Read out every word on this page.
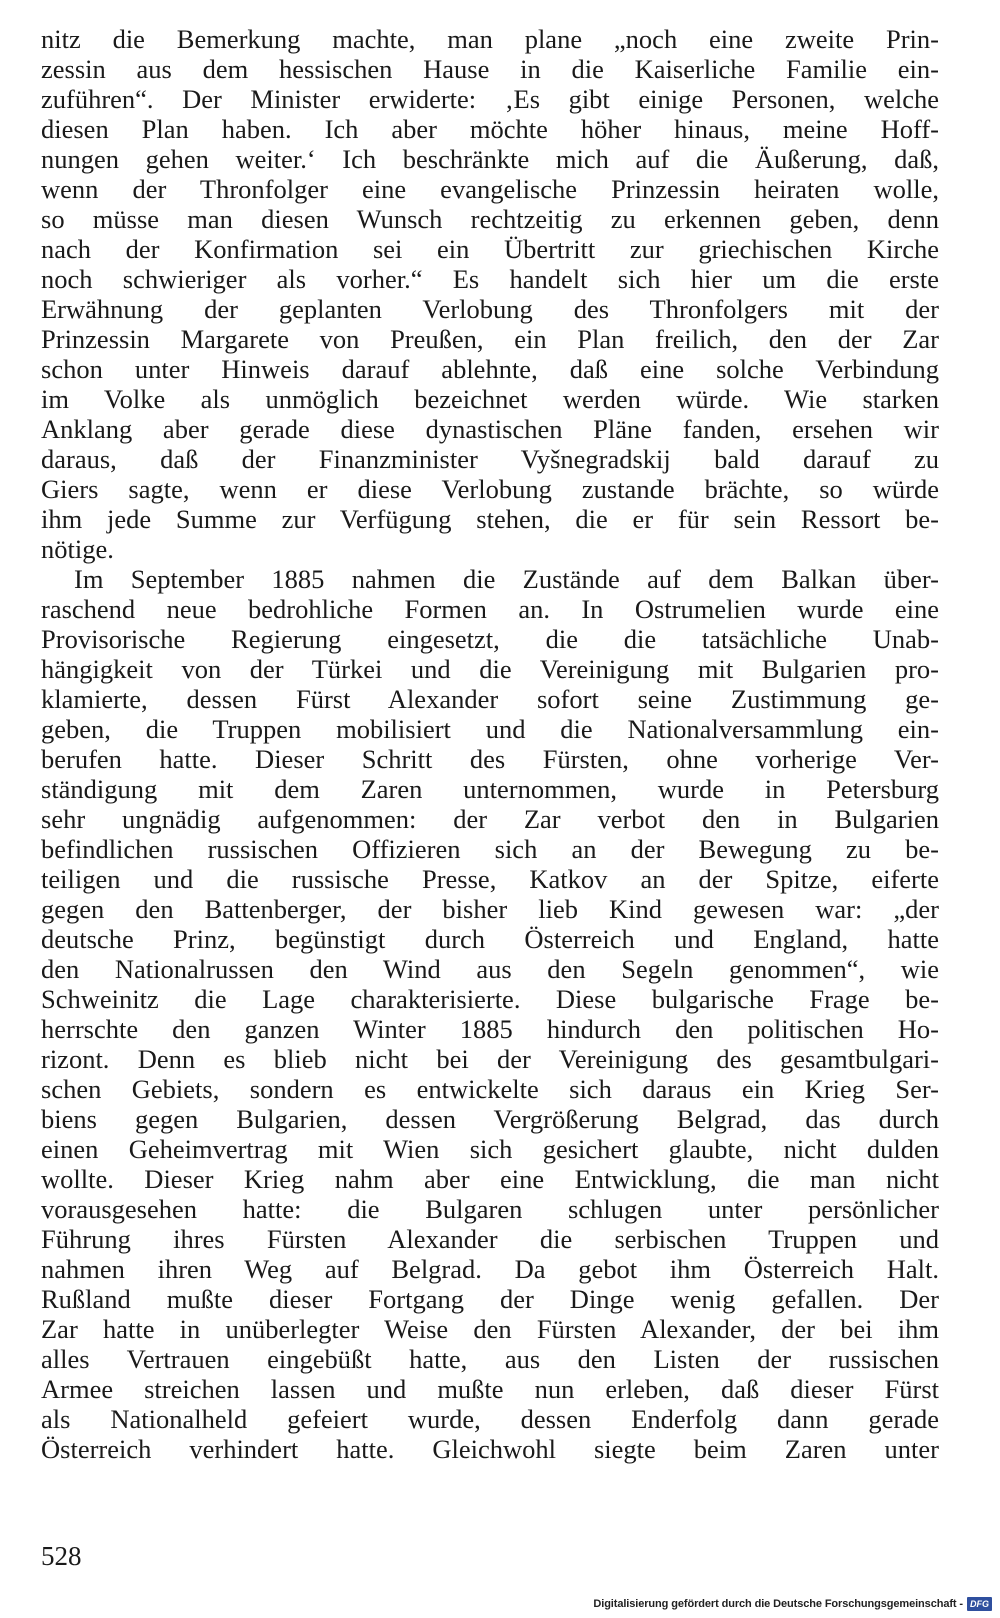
nitz die Bemerkung machte, man plane „noch eine zweite Prin-
zessin aus dem hessischen Hause in die Kaiserliche Familie ein-
zuführen“. Der Minister erwiderte: ‚Es gibt einige Personen, welche
diesen Plan haben. Ich aber möchte höher hinaus, meine Hoff-
nungen gehen weiter.‘ Ich beschränkte mich auf die Äußerung, daß,
wenn der Thronfolger eine evangelische Prinzessin heiraten wolle,
so müsse man diesen Wunsch rechtzeitig zu erkennen geben, denn
nach der Konfirmation sei ein Übertritt zur griechischen Kirche
noch schwieriger als vorher.“ Es handelt sich hier um die erste
Erwähnung der geplanten Verlobung des Thronfolgers mit der
Prinzessin Margarete von Preußen, ein Plan freilich, den der Zar
schon unter Hinweis darauf ablehnte, daß eine solche Verbindung
im Volke als unmöglich bezeichnet werden würde. Wie starken
Anklang aber gerade diese dynastischen Pläne fanden, ersehen wir
daraus, daß der Finanzminister Vyšnegradskij bald darauf zu
Giers sagte, wenn er diese Verlobung zustande brächte, so würde
ihm jede Summe zur Verfügung stehen, die er für sein Ressort be-
nötige.
Im September 1885 nahmen die Zustände auf dem Balkan über-
raschend neue bedrohliche Formen an. In Ostrumelien wurde eine
Provisorische Regierung eingesetzt, die die tatsächliche Unab-
hängigkeit von der Türkei und die Vereinigung mit Bulgarien pro-
klamierte, dessen Fürst Alexander sofort seine Zustimmung ge-
geben, die Truppen mobilisiert und die Nationalversammlung ein-
berufen hatte. Dieser Schritt des Fürsten, ohne vorherige Ver-
ständigung mit dem Zaren unternommen, wurde in Petersburg
sehr ungnädig aufgenommen: der Zar verbot den in Bulgarien
befindlichen russischen Offizieren sich an der Bewegung zu be-
teiligen und die russische Presse, Katkov an der Spitze, eiferte
gegen den Battenberger, der bisher lieb Kind gewesen war: „der
deutsche Prinz, begünstigt durch Österreich und England, hatte
den Nationalrussen den Wind aus den Segeln genommen“, wie
Schweinitz die Lage charakterisierte. Diese bulgarische Frage be-
herrschte den ganzen Winter 1885 hindurch den politischen Ho-
rizont. Denn es blieb nicht bei der Vereinigung des gesamtbulgari-
schen Gebiets, sondern es entwickelte sich daraus ein Krieg Ser-
biens gegen Bulgarien, dessen Vergrößerung Belgrad, das durch
einen Geheimvertrag mit Wien sich gesichert glaubte, nicht dulden
wollte. Dieser Krieg nahm aber eine Entwicklung, die man nicht
vorausgesehen hatte: die Bulgaren schlugen unter persönlicher
Führung ihres Fürsten Alexander die serbischen Truppen und
nahmen ihren Weg auf Belgrad. Da gebot ihm Österreich Halt.
Rußland mußte dieser Fortgang der Dinge wenig gefallen. Der
Zar hatte in unüberlegter Weise den Fürsten Alexander, der bei ihm
alles Vertrauen eingebüßt hatte, aus den Listen der russischen
Armee streichen lassen und mußte nun erleben, daß dieser Fürst
als Nationalheld gefeiert wurde, dessen Enderfolg dann gerade
Österreich verhindert hatte. Gleichwohl siegte beim Zaren unter
528
Digitalisierung gefördert durch die Deutsche Forschungsgemeinschaft - DFG
